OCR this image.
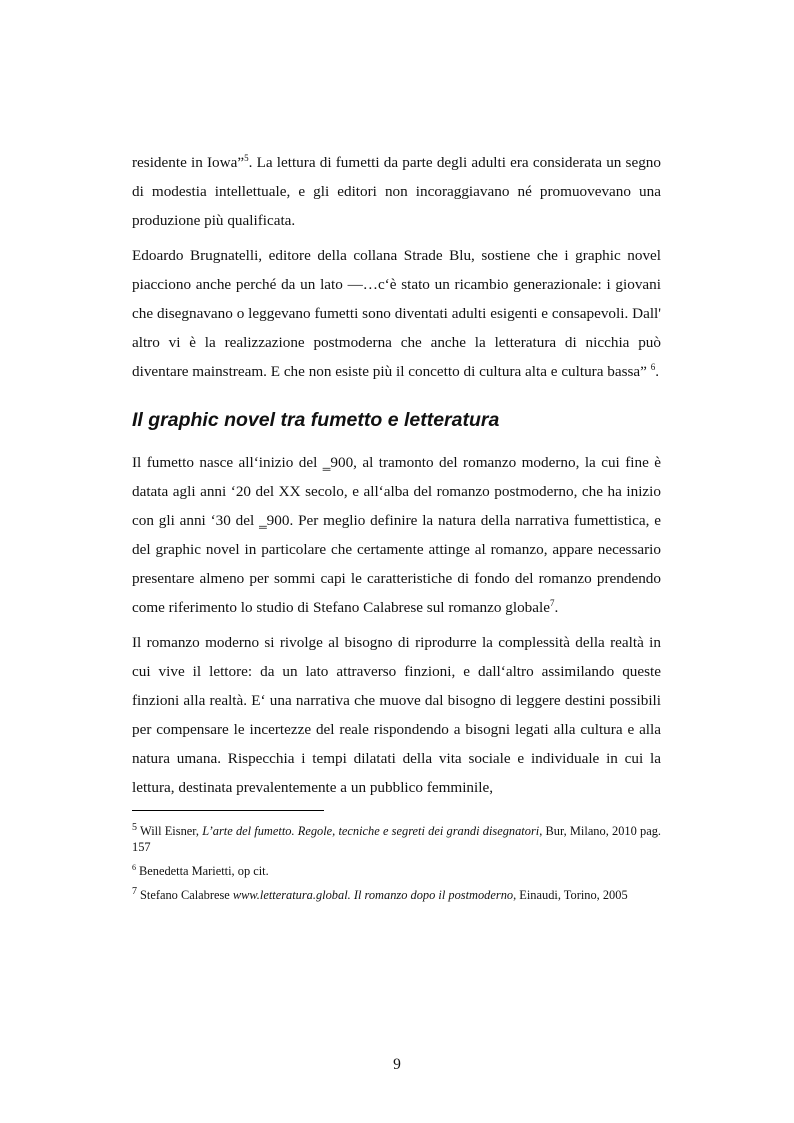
residente in Iowa”$^5$. La lettura di fumetti da parte degli adulti era considerata un segno di modestia intellettuale, e gli editori non incoraggiavano né promuovevano una produzione più qualificata.

Edoardo Brugnatelli, editore della collana Strade Blu, sostiene che i graphic novel piacciono anche perché da un lato ―…c‘è stato un ricambio generazionale: i giovani che disegnavano o leggevano fumetti sono diventati adulti esigenti e consapevoli. Dall' altro vi è la realizzazione postmoderna che anche la letteratura di nicchia può diventare mainstream. E che non esiste più il concetto di cultura alta e cultura bassa” $^6$.

Il graphic novel tra fumetto e letteratura

Il fumetto nasce all‘inizio del ‗900, al tramonto del romanzo moderno, la cui fine è datata agli anni ‘20 del XX secolo, e all‘alba del romanzo postmoderno, che ha inizio con gli anni ‘30 del ‗900. Per meglio definire la natura della narrativa fumettistica, e del graphic novel in particolare che certamente attinge al romanzo, appare necessario presentare almeno per sommi capi le caratteristiche di fondo del romanzo prendendo come riferimento lo studio di Stefano Calabrese sul romanzo globale$^7$.

Il romanzo moderno si rivolge al bisogno di riprodurre la complessità della realtà in cui vive il lettore: da un lato attraverso finzioni, e dall‘altro assimilando queste finzioni alla realtà. E‘ una narrativa che muove dal bisogno di leggere destini possibili per compensare le incertezze del reale rispondendo a bisogni legati alla cultura e alla natura umana. Rispecchia i tempi dilatati della vita sociale e individuale in cui la lettura, destinata prevalentemente a un pubblico femminile,

$^5$ Will Eisner, L’arte del fumetto. Regole, tecniche e segreti dei grandi disegnatori, Bur, Milano, 2010 pag. 157

$^6$ Benedetta Marietti, op cit.

$^7$ Stefano Calabrese www.letteratura.global. Il romanzo dopo il postmoderno, Einaudi, Torino, 2005

9
